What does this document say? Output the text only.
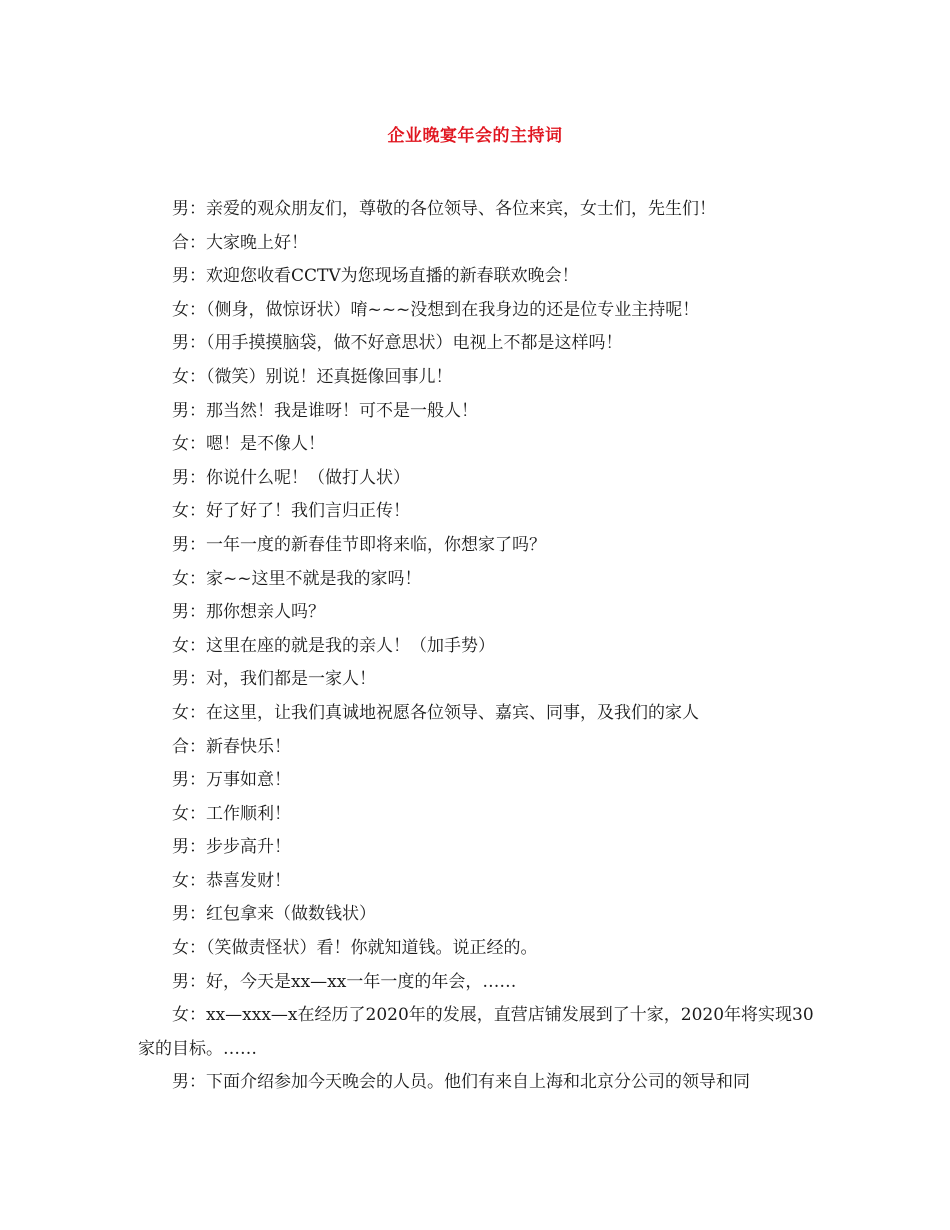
企业晚宴年会的主持词

男：亲爱的观众朋友们，尊敬的各位领导、各位来宾，女士们，先生们！

合：大家晚上好！

男：欢迎您收看CCTV为您现场直播的新春联欢晚会！

女：（侧身，做惊讶状）唷~~~没想到在我身边的还是位专业主持呢！

男：（用手摸摸脑袋，做不好意思状）电视上不都是这样吗！

女：（微笑）别说！还真挺像回事儿！

男：那当然！我是谁呀！可不是一般人！

女：嗯！是不像人！

男：你说什么呢！（做打人状）

女：好了好了！我们言归正传！

男：一年一度的新春佳节即将来临，你想家了吗？

女：家~~这里不就是我的家吗！

男：那你想亲人吗？

女：这里在座的就是我的亲人！（加手势）

男：对，我们都是一家人！

女：在这里，让我们真诚地祝愿各位领导、嘉宾、同事，及我们的家人

合：新春快乐！

男：万事如意！

女：工作顺利！

男：步步高升！

女：恭喜发财！

男：红包拿来（做数钱状）

女：（笑做责怪状）看！你就知道钱。说正经的。

男：好，今天是xx—xx一年一度的年会，……

女：xx—xxx—x在经历了2020年的发展，直营店铺发展到了十家，2020年将实现30家的目标。……

男：下面介绍参加今天晚会的人员。他们有来自上海和北京分公司的领导和同
